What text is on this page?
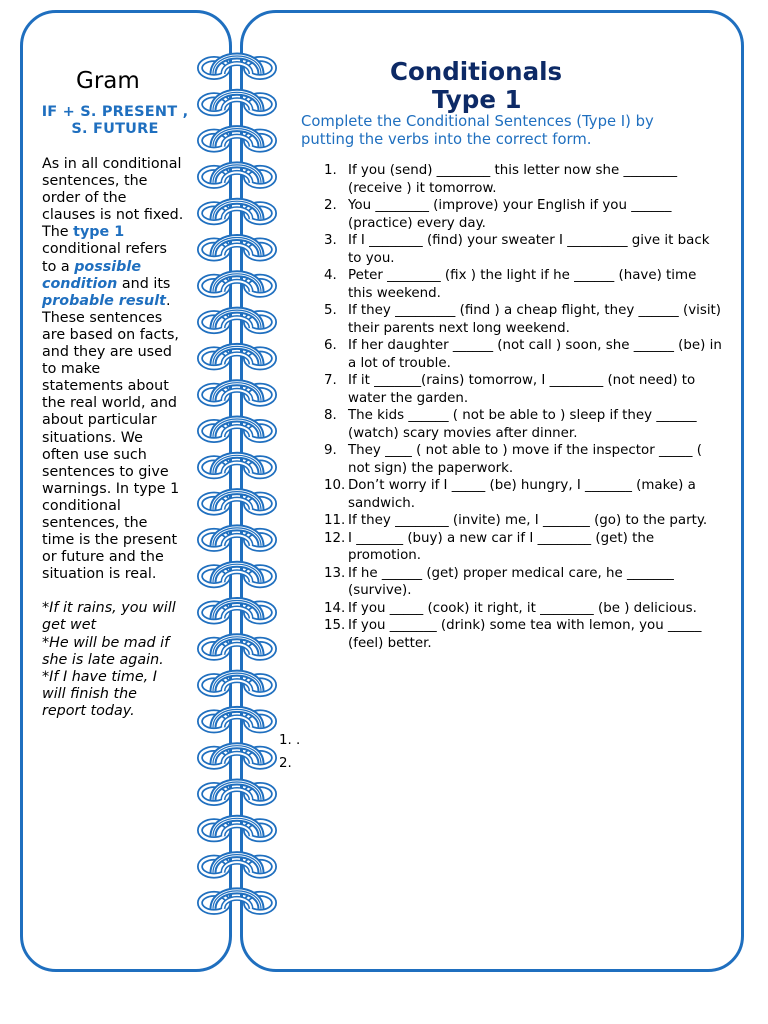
Gram
IF + S. PRESENT , S. FUTURE

As in all conditional sentences, the order of the clauses is not fixed.

The type 1 conditional refers to a possible condition and its probable result. These sentences are based on facts, and they are used to make statements about the real world, and about particular situations. We often use such sentences to give warnings. In type 1 conditional sentences, the time is the present or future and the situation is real.

*If it rains, you will get wet
*He will be mad if she is late again.
*If I have time, I will finish the report today.

Conditionals
Type 1
Complete the Conditional Sentences (Type I) by putting the verbs into the correct form.
1. If you (send) ________ this letter now she ________ (receive ) it tomorrow.
2. You ________ (improve) your English if you ______ (practice) every day.
3. If I ________ (find) your sweater I _________ give it back to you.
4. Peter ________ (fix ) the light if he ______ (have) time this weekend.
5. If they _________ (find ) a cheap flight, they ______ (visit) their parents next long weekend.
6. If her daughter ______ (not call ) soon, she ______ (be) in a lot of trouble.
7. If it _______(rains) tomorrow, I ________ (not need) to water the garden.
8. The kids ______ ( not be able to ) sleep if they ______ (watch) scary movies after dinner.
9. They ____ ( not able to ) move if the inspector _____ ( not sign) the paperwork.
10. Don’t worry if I _____ (be) hungry, I _______ (make) a sandwich.
11. If they ________ (invite) me, I _______ (go) to the party.
12. I _______ (buy) a new car if I ________ (get) the promotion.
13. If he ______ (get) proper medical care, he _______ (survive).
14. If you _____ (cook) it right, it ________ (be ) delicious.
15. If you _______ (drink) some tea with lemon, you _____ (feel) better.
1. .
2.
